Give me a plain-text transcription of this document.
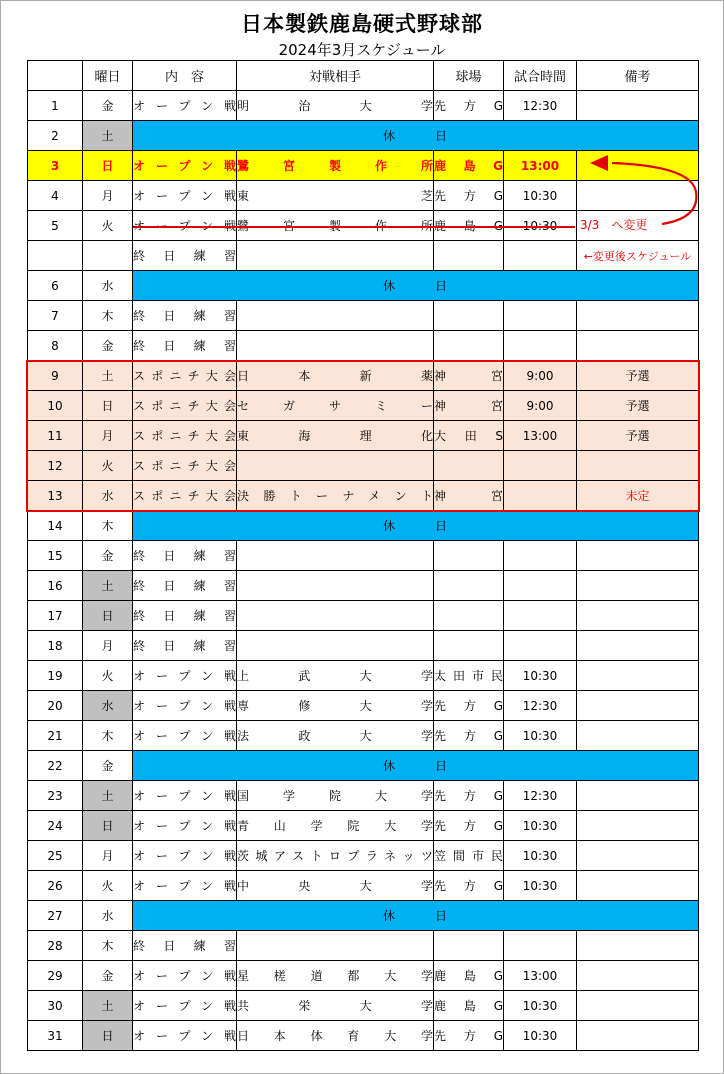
日本製鉄鹿島硬式野球部
2024年3月スケジュール
	曜日	内　容	対戦相手	球場	試合時間	備考	
1	金	オープン戦	明治大学	先方G	12:30		
2	土	休　　　日					
3	日	オープン戦	鷺宮製作所	鹿島G	13:00		
4	月	オープン戦	東　　芝	先方G	10:30		
5	火	オープン戦	鷺宮製作所	鹿島G	10:30		
		終日練習				←変更後スケジュール	
6	水	休　　　日					
7	木	終日練習					
8	金	終日練習					
9	土	スポニチ大会	日本新薬	神宮	9:00	予選	
10	日	スポニチ大会	セガサミー	神宮	9:00	予選	
11	月	スポニチ大会	東海理化	大田S	13:00	予選	
12	火	スポニチ大会					
13	水	スポニチ大会	決勝トーナメント	神宮		未定	
14	木	休　　　日					
15	金	終日練習					
16	土	終日練習					
17	日	終日練習					
18	月	終日練習					
19	火	オープン戦	上武大学	太田市民	10:30		
20	水	オープン戦	専修大学	先方G	12:30		
21	木	オープン戦	法政大学	先方G	10:30		
22	金	休　　　日					
23	土	オープン戦	国学院大学	先方G	12:30		
24	日	オープン戦	青山学院大学	先方G	10:30		
25	月	オープン戦	茨城アストロプラネッツ	笠間市民	10:30		
26	火	オープン戦	中央大学	先方G	10:30		
27	水	休　　　日					
28	木	終日練習					
29	金	オープン戦	星槎道都大学	鹿島G	13:00		
30	土	オープン戦	共栄大学	鹿島G	10:30		
31	日	オープン戦	日本体育大学	先方G	10:30		
3/3　へ変更
